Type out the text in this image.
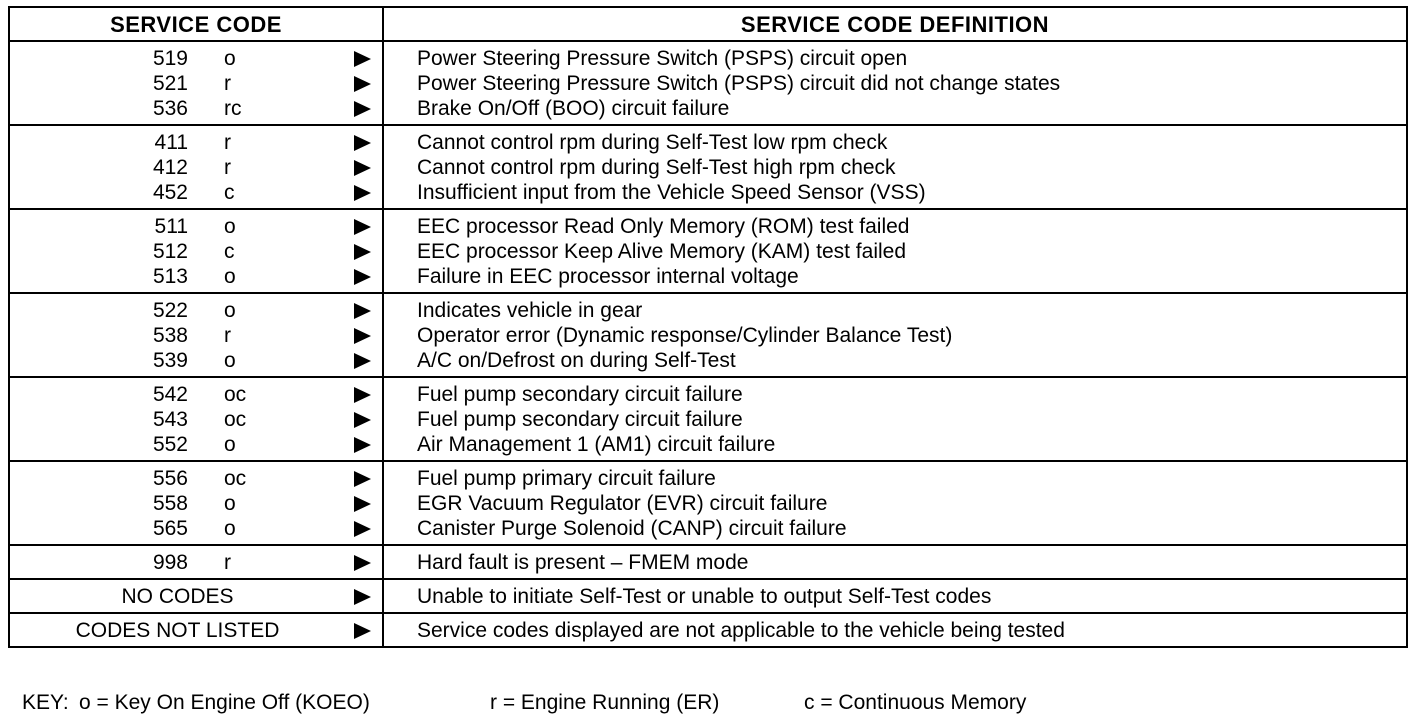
SERVICE CODE	SERVICE CODE DEFINITION
519 o	Power Steering Pressure Switch (PSPS) circuit open
521 r	Power Steering Pressure Switch (PSPS) circuit did not change states
536 rc	Brake On/Off (BOO) circuit failure
411 r	Cannot control rpm during Self-Test low rpm check
412 r	Cannot control rpm during Self-Test high rpm check
452 c	Insufficient input from the Vehicle Speed Sensor (VSS)
511 o	EEC processor Read Only Memory (ROM) test failed
512 c	EEC processor Keep Alive Memory (KAM) test failed
513 o	Failure in EEC processor internal voltage
522 o	Indicates vehicle in gear
538 r	Operator error (Dynamic response/Cylinder Balance Test)
539 o	A/C on/Defrost on during Self-Test
542 oc	Fuel pump secondary circuit failure
543 oc	Fuel pump secondary circuit failure
552 o	Air Management 1 (AM1) circuit failure
556 oc	Fuel pump primary circuit failure
558 o	EGR Vacuum Regulator (EVR) circuit failure
565 o	Canister Purge Solenoid (CANP) circuit failure
998 r	Hard fault is present – FMEM mode
NO CODES	Unable to initiate Self-Test or unable to output Self-Test codes
CODES NOT LISTED	Service codes displayed are not applicable to the vehicle being tested
KEY: o = Key On Engine Off (KOEO)	r = Engine Running (ER)	c = Continuous Memory
